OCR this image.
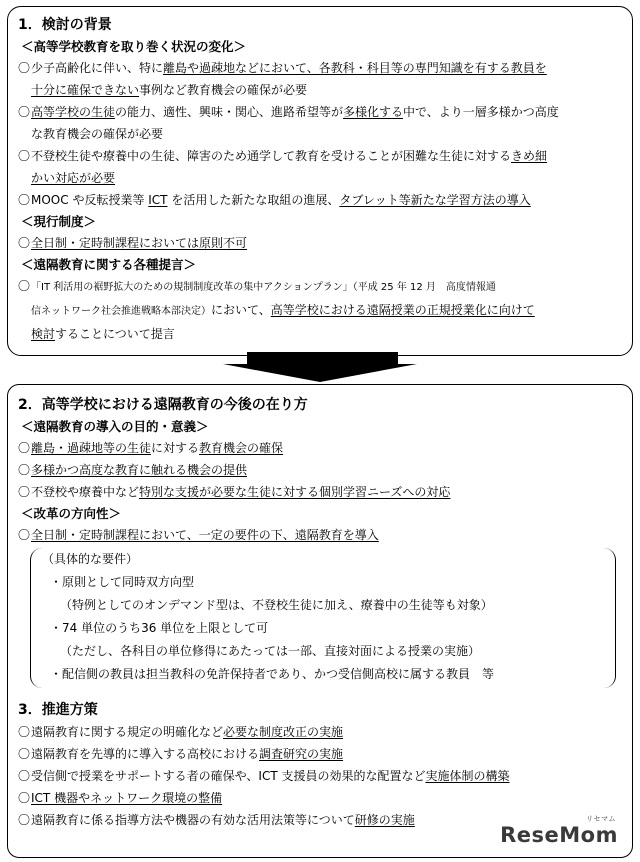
1．検討の背景
＜高等学校教育を取り巻く状況の変化＞
〇 少子高齢化に伴い、特に離島や過疎地などにおいて、各教科・科目等の専門知識を有する教員を
十分に確保できない事例など教育機会の確保が必要
〇 高等学校の生徒の能力、適性、興味・関心、進路希望等が多様化する中で、より一層多様かつ高度
な教育機会の確保が必要
〇 不登校生徒や療養中の生徒、障害のため通学して教育を受けることが困難な生徒に対するきめ細
かい対応が必要
〇 MOOC や反転授業等 ICT を活用した新たな取組の進展、タブレット等新たな学習方法の導入
＜現行制度＞
〇 全日制・定時制課程においては原則不可
＜遠隔教育に関する各種提言＞
〇 「IT 利活用の裾野拡大のための規制制度改革の集中アクションプラン」（平成 25 年 12 月　高度情報通
信ネットワーク社会推進戦略本部決定）において、高等学校における遠隔授業の正規授業化に向けて
検討することについて提言
2．高等学校における遠隔教育の今後の在り方
＜遠隔教育の導入の目的・意義＞
〇 離島・過疎地等の生徒に対する教育機会の確保
〇 多様かつ高度な教育に触れる機会の提供
〇 不登校や療養中など特別な支援が必要な生徒に対する個別学習ニーズへの対応
＜改革の方向性＞
〇 全日制・定時制課程において、一定の要件の下、遠隔教育を導入
（具体的な要件）
・原則として同時双方向型
（特例としてのオンデマンド型は、不登校生徒に加え、療養中の生徒等も対象）
・74 単位のうち36 単位を上限として可
（ただし、各科目の単位修得にあたっては一部、直接対面による授業の実施）
・配信側の教員は担当教科の免許保持者であり、かつ受信側高校に属する教員　等
3．推進方策
〇 遠隔教育に関する規定の明確化など必要な制度改正の実施
〇 遠隔教育を先導的に導入する高校における調査研究の実施
〇 受信側で授業をサポートする者の確保や、ICT 支援員の効果的な配置など実施体制の構築
〇 ICT 機器やネットワーク環境の整備
〇 遠隔教育に係る指導方法や機器の有効な活用法策等について研修の実施
ReseMom
リセマム
